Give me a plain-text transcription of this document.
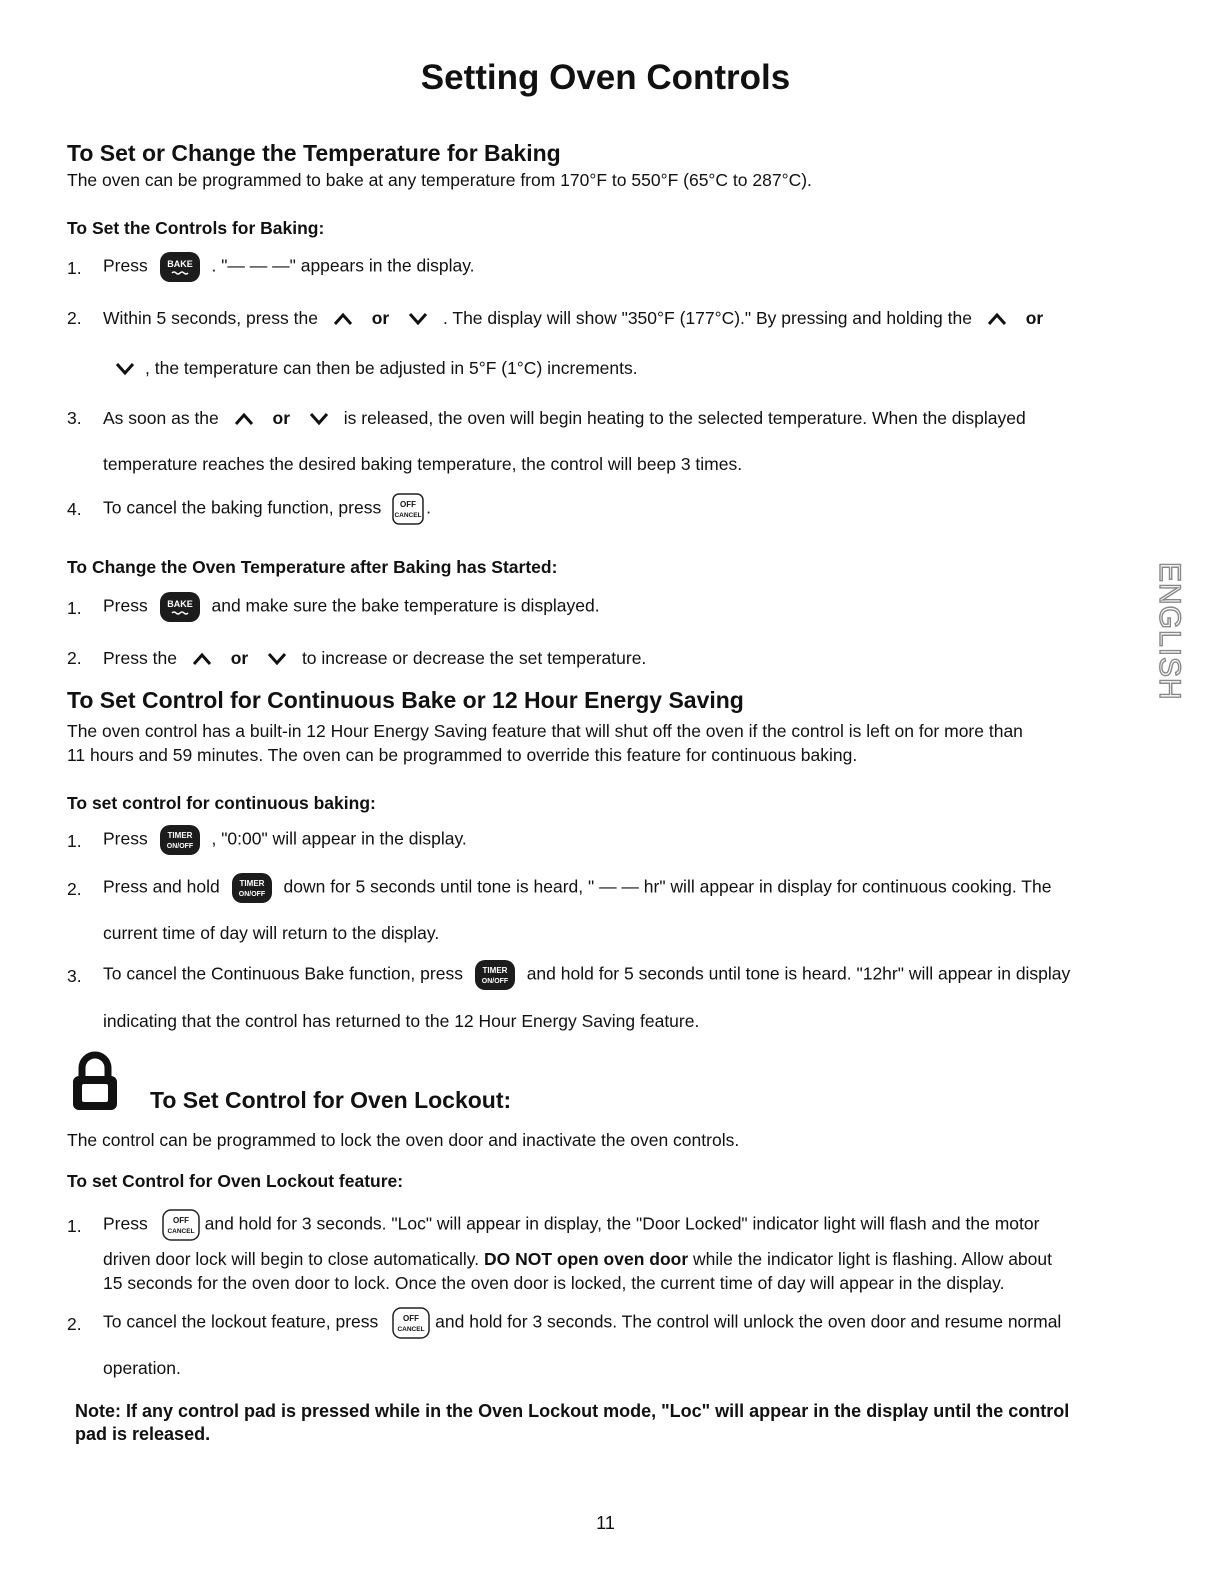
Setting Oven Controls
To Set or Change the Temperature for Baking
The oven can be programmed to bake at any temperature from 170°F to 550°F (65°C to 287°C).
To Set the Controls for Baking:
1. Press BAKE . "— — —" appears in the display.
2. Within 5 seconds, press the	or	. The display will show "350°F (177°C)." By pressing and holding the	or
, the temperature can then be adjusted in 5°F (1°C) increments.
3. As soon as the	or	is released, the oven will begin heating to the selected temperature. When the displayed
temperature reaches the desired baking temperature, the control will beep 3 times.
4. To cancel the baking function, press OFF
CANCEL .
To Change the Oven Temperature after Baking has Started:
1. Press BAKE and make sure the bake temperature is displayed.
2. Press the	or	to increase or decrease the set temperature.
To Set Control for Continuous Bake or 12 Hour Energy Saving
The oven control has a built-in 12 Hour Energy Saving feature that will shut off the oven if the control is left on for more than
11 hours and 59 minutes. The oven can be programmed to override this feature for continuous baking.
To set control for continuous baking:
1. Press TIMER
ON/OFF , "0:00" will appear in the display.
2. Press and hold TIMER
ON/OFF down for 5 seconds until tone is heard, " — — hr" will appear in display for continuous cooking. The
current time of day will return to the display.
3. To cancel the Continuous Bake function, press TIMER
ON/OFF and hold for 5 seconds until tone is heard. "12hr" will appear in display
indicating that the control has returned to the 12 Hour Energy Saving feature.
To Set Control for Oven Lockout:
The control can be programmed to lock the oven door and inactivate the oven controls.
To set Control for Oven Lockout feature:
1. Press	OFF
CANCEL and hold for 3 seconds. "Loc" will appear in display, the "Door Locked" indicator light will flash and the motor
driven door lock will begin to close automatically. DO NOT open oven door while the indicator light is flashing. Allow about
15 seconds for the oven door to lock. Once the oven door is locked, the current time of day will appear in the display.
2. To cancel the lockout feature, press	OFF
CANCEL and hold for 3 seconds. The control will unlock the oven door and resume normal
operation.
Note: If any control pad is pressed while in the Oven Lockout mode, "Loc" will appear in the display until the control
pad is released.
ENGLISH
11
